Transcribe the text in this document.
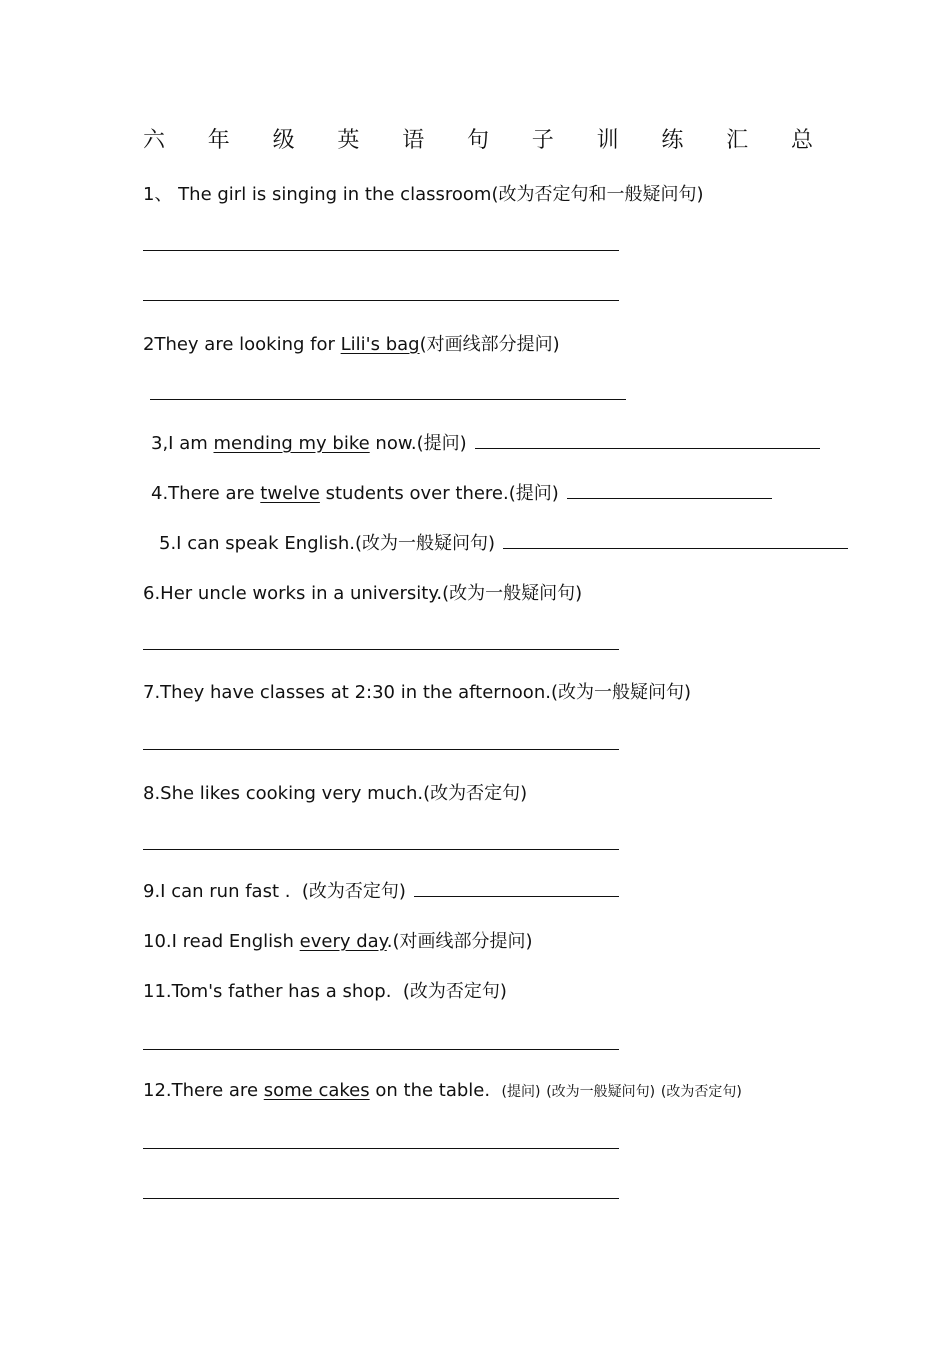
六 年 级 英 语 句 子 训 练 汇 总
1、 The girl is singing in the classroom(改为否定句和一般疑问句)
2They are looking for Lili's bag(对画线部分提问)
3,I am mending my bike now.(提问)
4.There are twelve students over there.(提问)
5.I can speak English.(改为一般疑问句)
6.Her uncle works in a university.(改为一般疑问句)
7.They have classes at 2:30 in the afternoon.(改为一般疑问句)
8.She likes cooking very much.(改为否定句)
9.I can run fast . (改为否定句)
10.I read English every day.(对画线部分提问)
11.Tom's father has a shop. (改为否定句)
12.There are some cakes on the table. (提问) (改为一般疑问句) (改为否定句)
